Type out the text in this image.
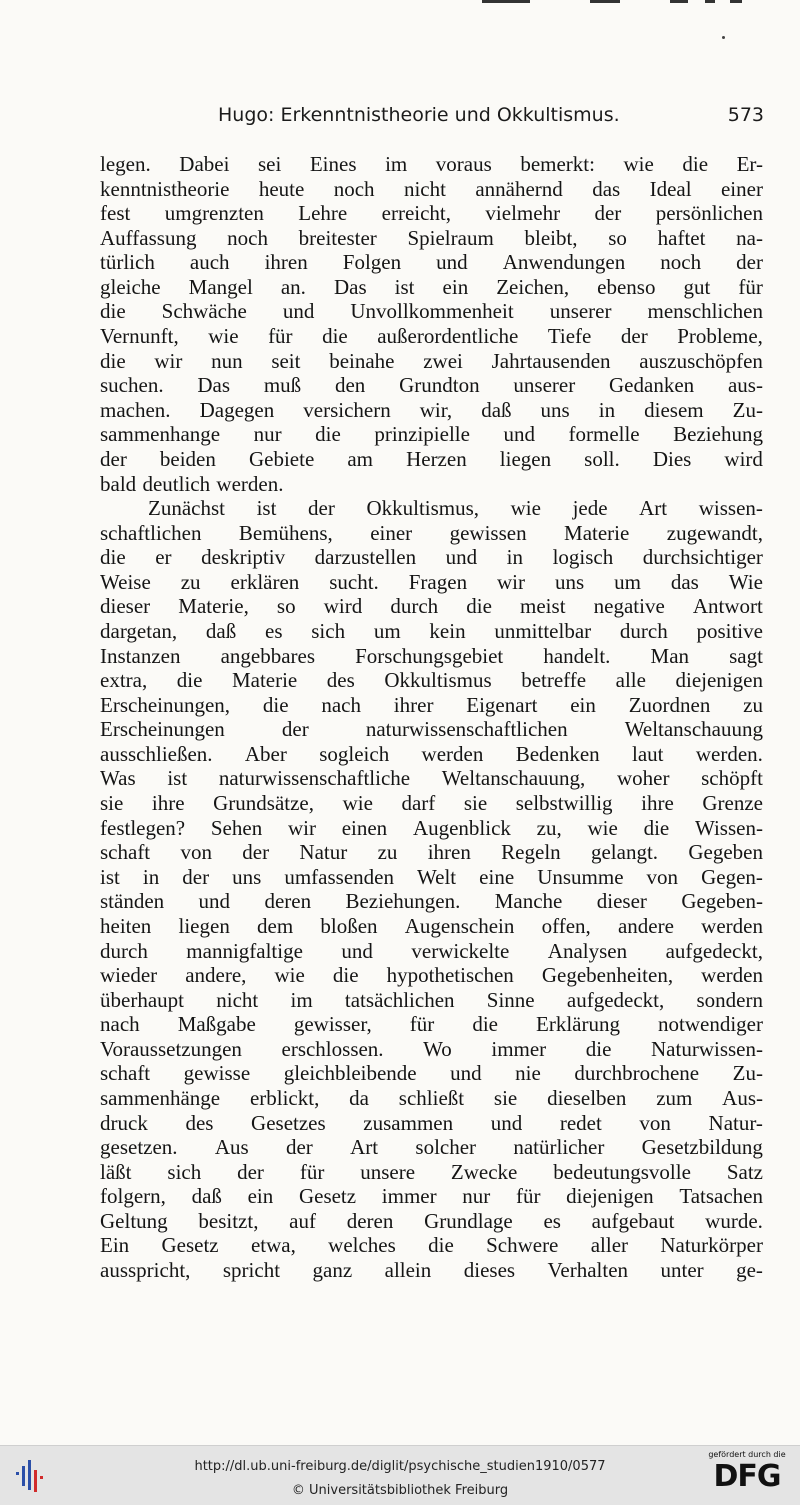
Hugo: Erkenntnistheorie und Okkultismus.	573
legen. Dabei sei Eines im voraus bemerkt: wie die Er-
kenntnistheorie heute noch nicht annähernd das Ideal einer
fest umgrenzten Lehre erreicht, vielmehr der persönlichen
Auffassung noch breitester Spielraum bleibt, so haftet na-
türlich auch ihren Folgen und Anwendungen noch der
gleiche Mangel an. Das ist ein Zeichen, ebenso gut für
die Schwäche und Unvollkommenheit unserer menschlichen
Vernunft, wie für die außerordentliche Tiefe der Probleme,
die wir nun seit beinahe zwei Jahrtausenden auszuschöpfen
suchen. Das muß den Grundton unserer Gedanken aus-
machen. Dagegen versichern wir, daß uns in diesem Zu-
sammenhange nur die prinzipielle und formelle Beziehung
der beiden Gebiete am Herzen liegen soll. Dies wird
bald deutlich werden.
Zunächst ist der Okkultismus, wie jede Art wissen-
schaftlichen Bemühens, einer gewissen Materie zugewandt,
die er deskriptiv darzustellen und in logisch durchsichtiger
Weise zu erklären sucht. Fragen wir uns um das Wie
dieser Materie, so wird durch die meist negative Antwort
dargetan, daß es sich um kein unmittelbar durch positive
Instanzen angebbares Forschungsgebiet handelt. Man sagt
extra, die Materie des Okkultismus betreffe alle diejenigen
Erscheinungen, die nach ihrer Eigenart ein Zuordnen zu
Erscheinungen	der	naturwissenschaftlichen	Weltanschauung
ausschließen. Aber sogleich werden Bedenken laut werden.
Was ist naturwissenschaftliche Weltanschauung, woher schöpft
sie ihre Grundsätze, wie darf sie selbstwillig ihre Grenze
festlegen? Sehen wir einen Augenblick zu, wie die Wissen-
schaft von der Natur zu ihren Regeln gelangt. Gegeben
ist in der uns umfassenden Welt eine Unsumme von Gegen-
ständen und deren Beziehungen. Manche dieser Gegeben-
heiten liegen dem bloßen Augenschein offen, andere werden
durch mannigfaltige und verwickelte Analysen aufgedeckt,
wieder andere, wie die hypothetischen Gegebenheiten, werden
überhaupt nicht im tatsächlichen Sinne aufgedeckt, sondern
nach Maßgabe gewisser, für die Erklärung notwendiger
Voraussetzungen erschlossen. Wo immer die Naturwissen-
schaft gewisse gleichbleibende und nie durchbrochene Zu-
sammenhänge erblickt, da schließt sie dieselben zum Aus-
druck des Gesetzes zusammen und redet von Natur-
gesetzen. Aus der Art solcher natürlicher Gesetzbildung
läßt sich der für unsere Zwecke bedeutungsvolle Satz
folgern, daß ein Gesetz immer nur für diejenigen Tatsachen
Geltung besitzt, auf deren Grundlage es aufgebaut wurde.
Ein Gesetz etwa, welches die Schwere aller Naturkörper
ausspricht, spricht ganz allein dieses Verhalten unter ge-
http://dl.ub.uni-freiburg.de/diglit/psychische_studien1910/0577
© Universitätsbibliothek Freiburg
gefördert durch die
DFG
